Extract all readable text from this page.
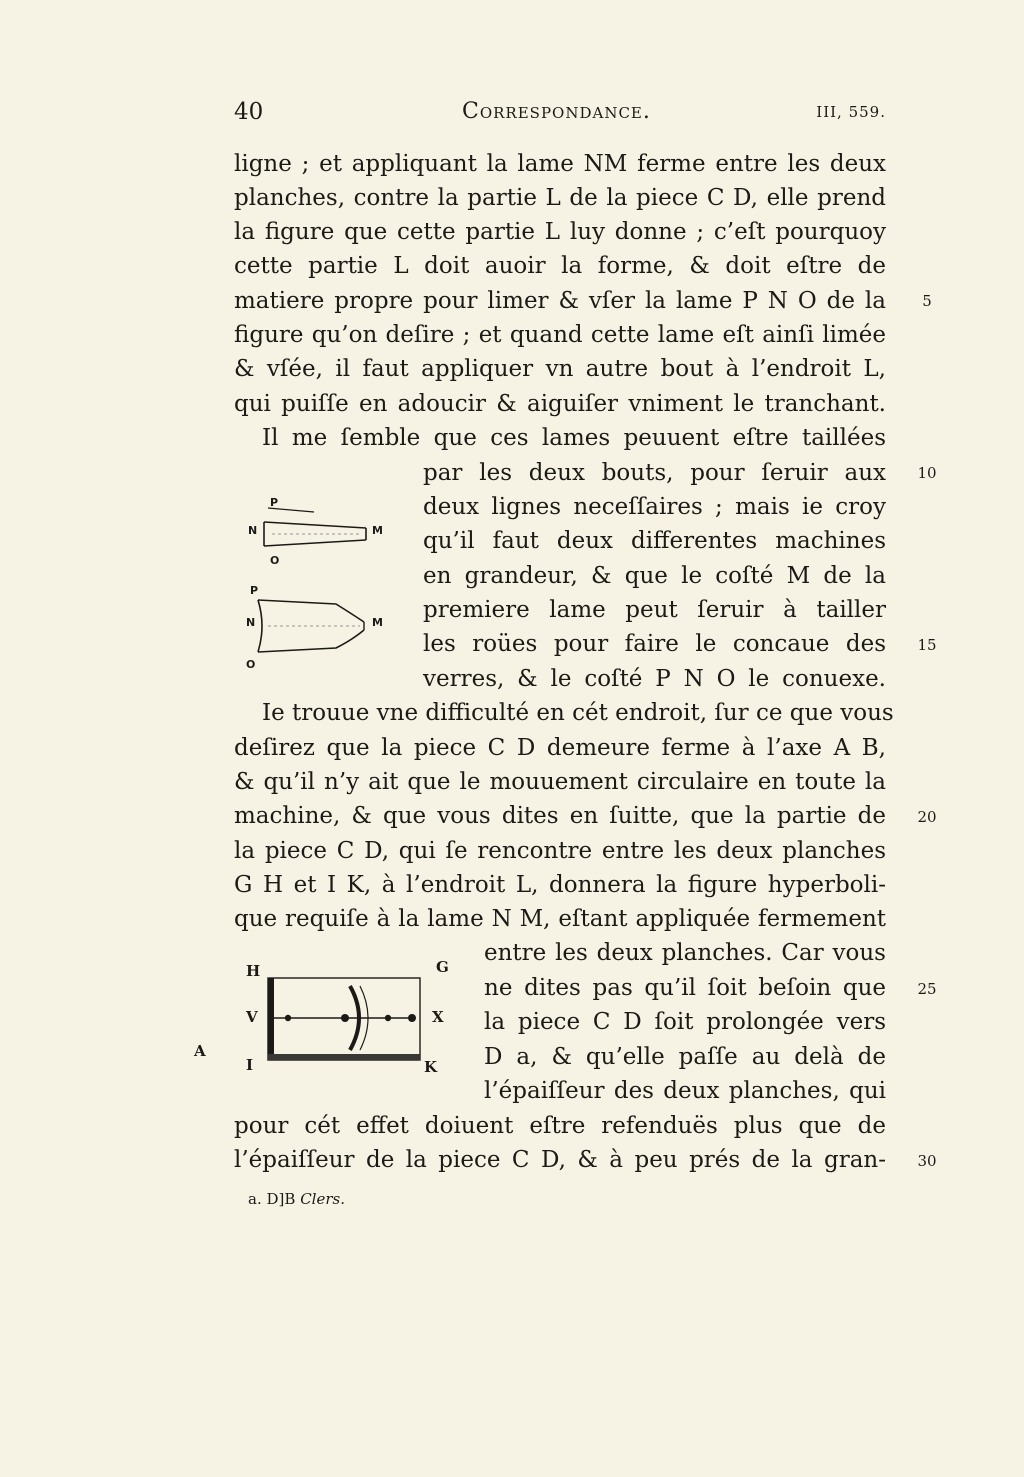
40	Correspondance.	III, 559.
ligne ; et appliquant la lame NM ferme entre les deux
planches, contre la partie L de la piece C D, elle prend
la figure que cette partie L luy donne ; c’eſt pourquoy
cette partie L doit auoir la forme, & doit eſtre de
matiere propre pour limer & vſer la lame P N O de la
figure qu’on deſire ; et quand cette lame eſt ainſi limée
& vſée, il faut appliquer vn autre bout à l’endroit L,
qui puiſſe en adoucir & aiguiſer vniment le tranchant.
Il me ſemble que ces lames peuuent eſtre taillées
par les deux bouts, pour ſeruir aux
deux lignes neceſſaires ; mais ie croy
qu’il faut deux differentes machines
en grandeur, & que le coſté M de la
premiere lame peut ſeruir à tailler
les roües pour faire le concaue des
verres, & le coſté P N O le conuexe.
Ie trouue vne difficulté en cét endroit, ſur ce que vous
deſirez que la piece C D demeure ferme à l’axe A B,
& qu’il n’y ait que le mouuement circulaire en toute la
machine, & que vous dites en ſuitte, que la partie de
la piece C D, qui ſe rencontre entre les deux planches
G H et I K, à l’endroit L, donnera la figure hyperboli-
que requiſe à la lame N M, eſtant appliquée fermement
entre les deux planches. Car vous
ne dites pas qu’il ſoit beſoin que
la piece C D ſoit prolongée vers
D a, & qu’elle paſſe au delà de
l’épaiſſeur des deux planches, qui
pour cét effet doiuent eſtre refenduës plus que de
l’épaiſſeur de la piece C D, & à peu prés de la gran-
5
10
15
20
25
30
P
N	M
O
P
N	M
O
H	G
V	X
I	K
A
a. D]B Clers.
